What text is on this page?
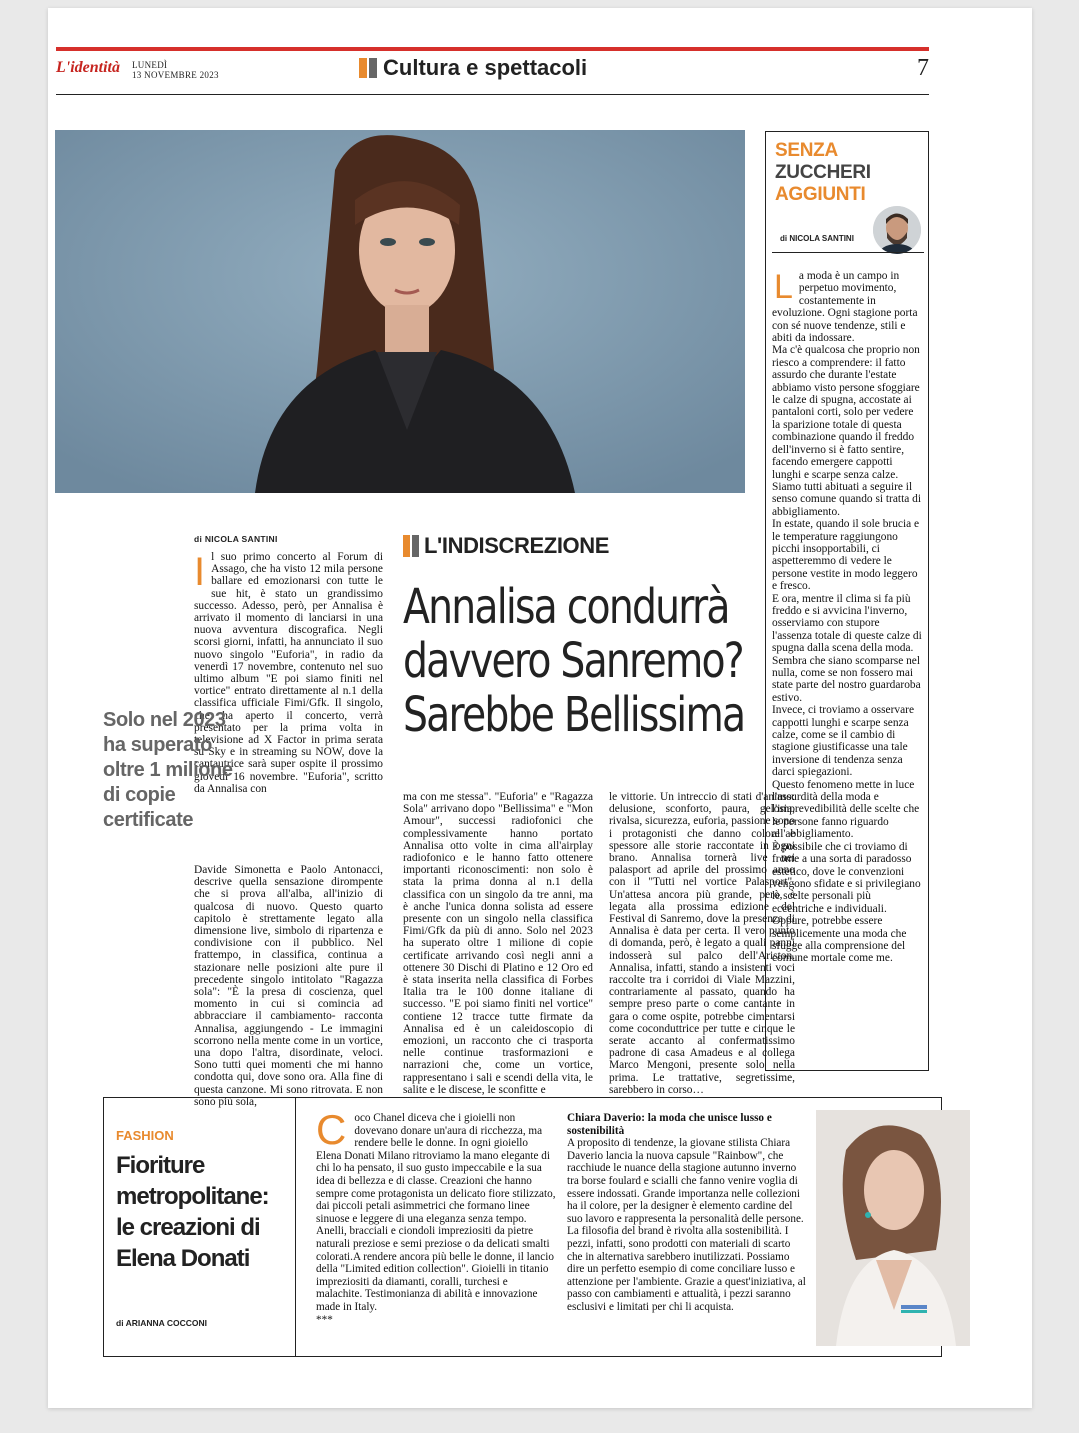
L'identità LUNEDÌ
13 NOVEMBRE 2023	Cultura e spettacoli	7
SENZA
ZUCCHERI
AGGIUNTI
di NICOLA SANTINI
L a moda è un campo in perpetuo movimento, costantemente in evoluzione. Ogni stagione porta con sé nuove tendenze, stili e abiti da indossare.

Ma c'è qualcosa che proprio non riesco a comprendere: il fatto assurdo che durante l'estate abbiamo visto persone sfoggiare le calze di spugna, accostate ai pantaloni corti, solo per vedere la sparizione totale di questa combinazione quando il freddo dell'inverno si è fatto sentire, facendo emergere cappotti lunghi e scarpe senza calze.

Siamo tutti abituati a seguire il senso comune quando si tratta di abbigliamento.

In estate, quando il sole brucia e le temperature raggiungono picchi insopportabili, ci aspetteremmo di vedere le persone vestite in modo leggero e fresco.

E ora, mentre il clima si fa più freddo e si avvicina l'inverno, osserviamo con stupore l'assenza totale di queste calze di spugna dalla scena della moda. Sembra che siano scomparse nel nulla, come se non fossero mai state parte del nostro guardaroba estivo.

Invece, ci troviamo a osservare cappotti lunghi e scarpe senza calze, come se il cambio di stagione giustificasse una tale inversione di tendenza senza darci spiegazioni.

Questo fenomeno mette in luce l'assurdità della moda e l'imprevedibilità delle scelte che le persone fanno riguardo all'abbigliamento.

È possibile che ci troviamo di fronte a una sorta di paradosso estetico, dove le convenzioni vengono sfidate e si privilegiano le scelte personali più eccentriche e individuali.

Oppure, potrebbe essere semplicemente una moda che sfugge alla comprensione del comune mortale come me.

di NICOLA SANTINI
I l suo primo concerto al Forum di Assago, che ha visto 12 mila persone ballare ed emozionarsi con tutte le sue hit, è stato un grandissimo successo. Adesso, però, per Annalisa è arrivato il momento di lanciarsi in una nuova avventura discografica. Negli scorsi giorni, infatti, ha annunciato il suo nuovo singolo "Euforia", in radio da venerdì 17 novembre, contenuto nel suo ultimo album "E poi siamo finiti nel vortice" entrato direttamente al n.1 della classifica ufficiale Fimi/Gfk. Il singolo, che ha aperto il concerto, verrà presentato per la prima volta in televisione ad X Factor in prima serata su Sky e in streaming su NOW, dove la cantautrice sarà super ospite il prossimo giovedì 16 novembre. "Euforia", scritto da Annalisa con
Solo nel 2023 ha superato oltre 1 milione di copie certificate
Davide Simonetta e Paolo Antonacci, descrive quella sensazione dirompente che si prova all'alba, all'inizio di qualcosa di nuovo. Questo quarto capitolo è strettamente legato alla dimensione live, simbolo di ripartenza e condivisione con il pubblico. Nel frattempo, in classifica, continua a stazionare nelle posizioni alte pure il precedente singolo intitolato "Ragazza sola": "È la presa di coscienza, quel momento in cui si comincia ad abbracciare il cambiamento- racconta Annalisa, aggiungendo - Le immagini scorrono nella mente come in un vortice, una dopo l'altra, disordinate, veloci. Sono tutti quei momenti che mi hanno condotta qui, dove sono ora. Alla fine di questa canzone. Mi sono ritrovata. E non sono più sola,
L'INDISCREZIONE
Annalisa condurrà
davvero Sanremo?
Sarebbe Bellissima
ma con me stessa". "Euforia" e "Ragazza Sola" arrivano dopo "Bellissima" e "Mon Amour", successi radiofonici che complessivamente hanno portato Annalisa otto volte in cima all'airplay radiofonico e le hanno fatto ottenere importanti riconoscimenti: non solo è stata la prima donna al n.1 della classifica con un singolo da tre anni, ma è anche l'unica donna solista ad essere presente con un singolo nella classifica Fimi/Gfk da più di anno. Solo nel 2023 ha superato oltre 1 milione di copie certificate arrivando così negli anni a ottenere 30 Dischi di Platino e 12 Oro ed è stata inserita nella classifica di Forbes Italia tra le 100 donne italiane di successo. "E poi siamo finiti nel vortice" contiene 12 tracce tutte firmate da Annalisa ed è un caleidoscopio di emozioni, un racconto che ci trasporta nelle continue trasformazioni e narrazioni che, come un vortice, rappresentano i sali e scendi della vita, le salite e le discese, le sconfitte e
le vittorie. Un intreccio di stati d'animo: delusione, sconforto, paura, gelosia, rivalsa, sicurezza, euforia, passione sono i protagonisti che danno colore e spessore alle storie raccontate in ogni brano. Annalisa tornerà live nei palasport ad aprile del prossimo anno con il "Tutti nel vortice Palasport". Un'attesa ancora più grande, però, è legata alla prossima edizione del Festival di Sanremo, dove la presenza di Annalisa è data per certa. Il vero punto di domanda, però, è legato a quali panni indosserà sul palco dell'Ariston. Annalisa, infatti, stando a insistenti voci raccolte tra i corridoi di Viale Mazzini, contrariamente al passato, quando ha sempre preso parte o come cantante in gara o come ospite, potrebbe cimentarsi come coconduttrice per tutte e cinque le serate accanto al confermatissimo padrone di casa Amadeus e al collega Marco Mengoni, presente solo nella prima. Le trattative, segretissime, sarebbero in corso…
FASHION
Fioriture metropolitane: le creazioni di Elena Donati
di ARIANNA COCCONI
C oco Chanel diceva che i gioielli non dovevano donare un'aura di ricchezza, ma rendere belle le donne. In ogni gioiello Elena Donati Milano ritroviamo la mano elegante di chi lo ha pensato, il suo gusto impeccabile e la sua idea di bellezza e di classe. Creazioni che hanno sempre come protagonista un delicato fiore stilizzato, dai piccoli petali asimmetrici che formano linee sinuose e leggere di una eleganza senza tempo. Anelli, bracciali e ciondoli impreziositi da pietre naturali preziose e semi preziose o da delicati smalti colorati.A rendere ancora più belle le donne, il lancio della "Limited edition collection". Gioielli in titanio impreziositi da diamanti, coralli, turchesi e malachite. Testimonianza di abilità e innovazione made in Italy.
***
Chiara Daverio: la moda che unisce lusso e sostenibilità
A proposito di tendenze, la giovane stilista Chiara Daverio lancia la nuova capsule "Rainbow", che racchiude le nuance della stagione autunno inverno tra borse foulard e scialli che fanno venire voglia di essere indossati. Grande importanza nelle collezioni ha il colore, per la designer è elemento cardine del suo lavoro e rappresenta la personalità delle persone. La filosofia del brand è rivolta alla sostenibilità. I pezzi, infatti, sono prodotti con materiali di scarto che in alternativa sarebbero inutilizzati. Possiamo dire un perfetto esempio di come conciliare lusso e attenzione per l'ambiente. Grazie a quest'iniziativa, al passo con cambiamenti e attualità, i pezzi saranno esclusivi e limitati per chi li acquista.
